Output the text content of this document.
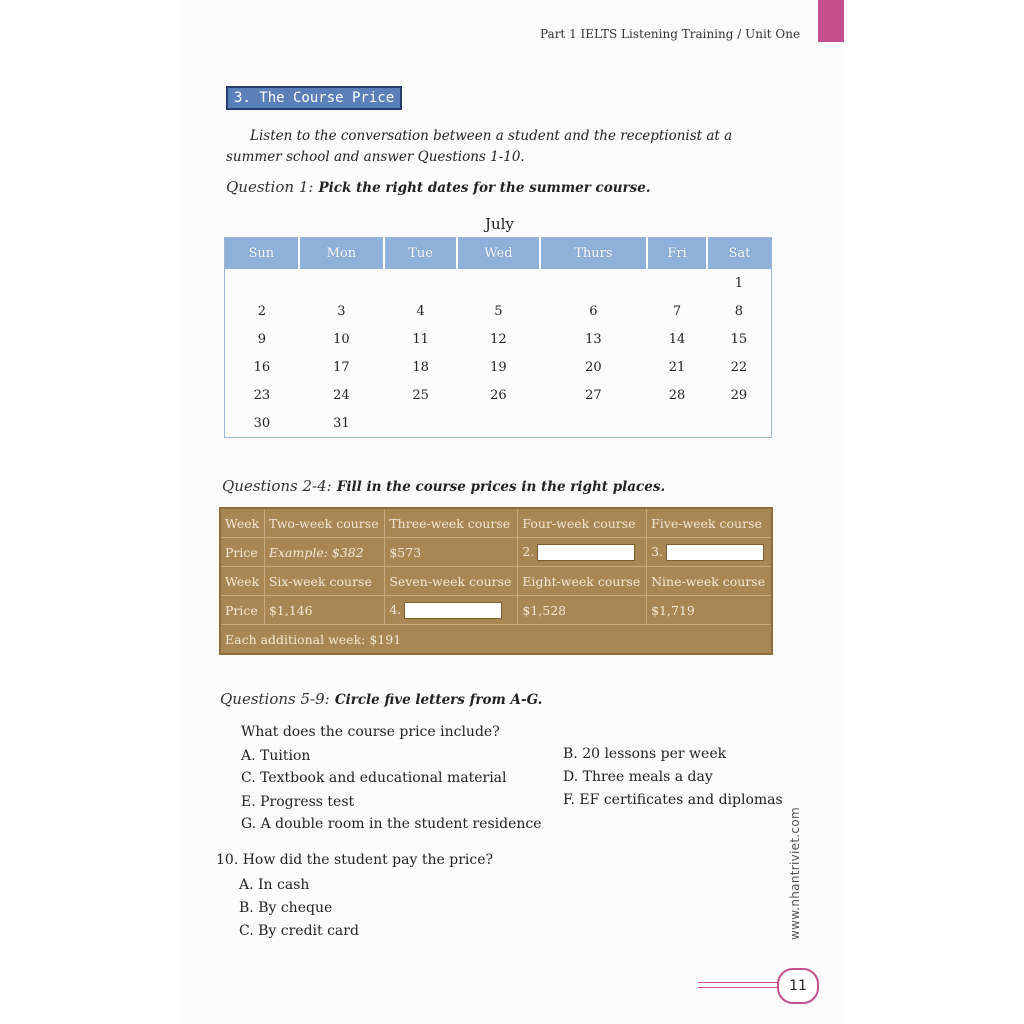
Part 1 IELTS Listening Training / Unit One
3. The Course Price
Listen to the conversation between a student and the receptionist at a summer school and answer Questions 1-10.
Question 1: Pick the right dates for the summer course.
July
Sun	Mon	Tue	Wed	Thurs	Fri	Sat
						1
2	3	4	5	6	7	8
9	10	11	12	13	14	15
16	17	18	19	20	21	22
23	24	25	26	27	28	29
30	31					
Questions 2-4: Fill in the course prices in the right places.
Week	Two-week course	Three-week course	Four-week course	Five-week course
Price	Example: $382	$573	2.	3.
Week	Six-week course	Seven-week course	Eight-week course	Nine-week course
Price	$1,146	4.	$1,528	$1,719
Each additional week: $191				
Questions 5-9: Circle five letters from A-G.
What does the course price include?
A. Tuition	B. 20 lessons per week
C. Textbook and educational material	D. Three meals a day
E. Progress test	F. EF certificates and diplomas
G. A double room in the student residence
10. How did the student pay the price?
A. In cash
B. By cheque
C. By credit card	www.nhantriviet.com
11
